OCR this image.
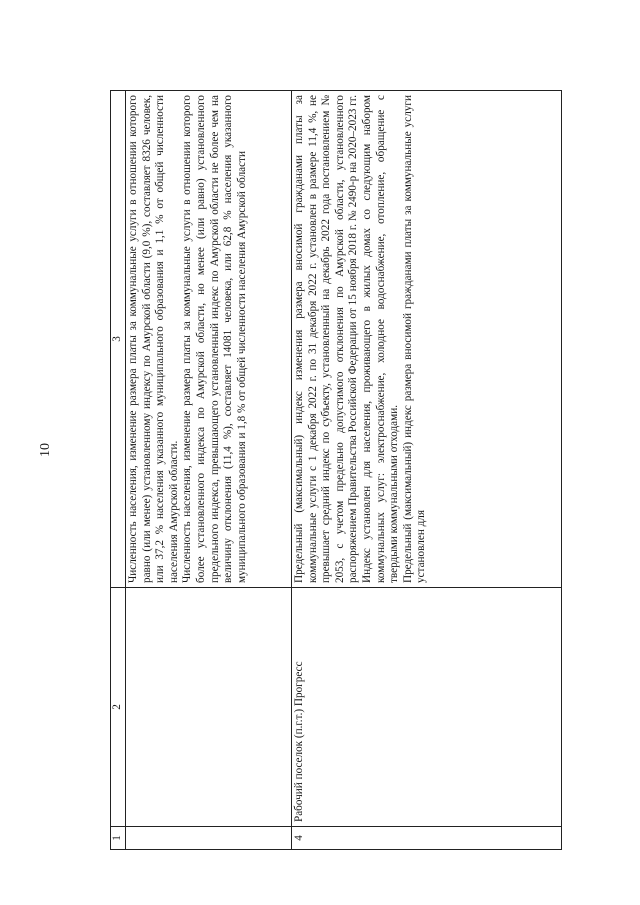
10
1	2	3

		Численность населения, изменение размера платы за коммунальные услуги в отношении которого равно (или менее) установленному индексу по Амурской области (9,0 %), составляет 8326 человек, или 37,2 % населения указанного муниципального образования и 1,1 % от общей численности населения Амурской области. Численность населения, изменение размера платы за коммунальные услуги в отношении которого более установленного индекса по Амурской области, но менее (или равно) установленного предельного индекса, превышающего установленный индекс по Амурской области не более чем на величину отклонения (11,4 %), составляет 14081 человека, или 62,8 % населения указанного муниципального образования и 1,8 % от общей численности населения Амурской области

4	Рабочий поселок (п.г.т.) Прогресс	Предельный (максимальный) индекс изменения размера вносимой гражданами платы за коммунальные услуги с 1 декабря 2022 г. по 31 декабря 2022 г. установлен в размере 11,4 %, не превышает средний индекс по субъекту, установленный на декабрь 2022 года постановлением № 2053, с учетом предельно допустимого отклонения по Амурской области, установленного распоряжением Правительства Российской Федерации от 15 ноября 2018 г. № 2490-р на 2020–2023 гг. Индекс установлен для населения, проживающего в жилых домах со следующим набором коммунальных услуг: электроснабжение, холодное водоснабжение, отопление, обращение с твердыми коммунальными отходами. Предельный (максимальный) индекс размера вносимой гражданами платы за коммунальные услуги установлен для
